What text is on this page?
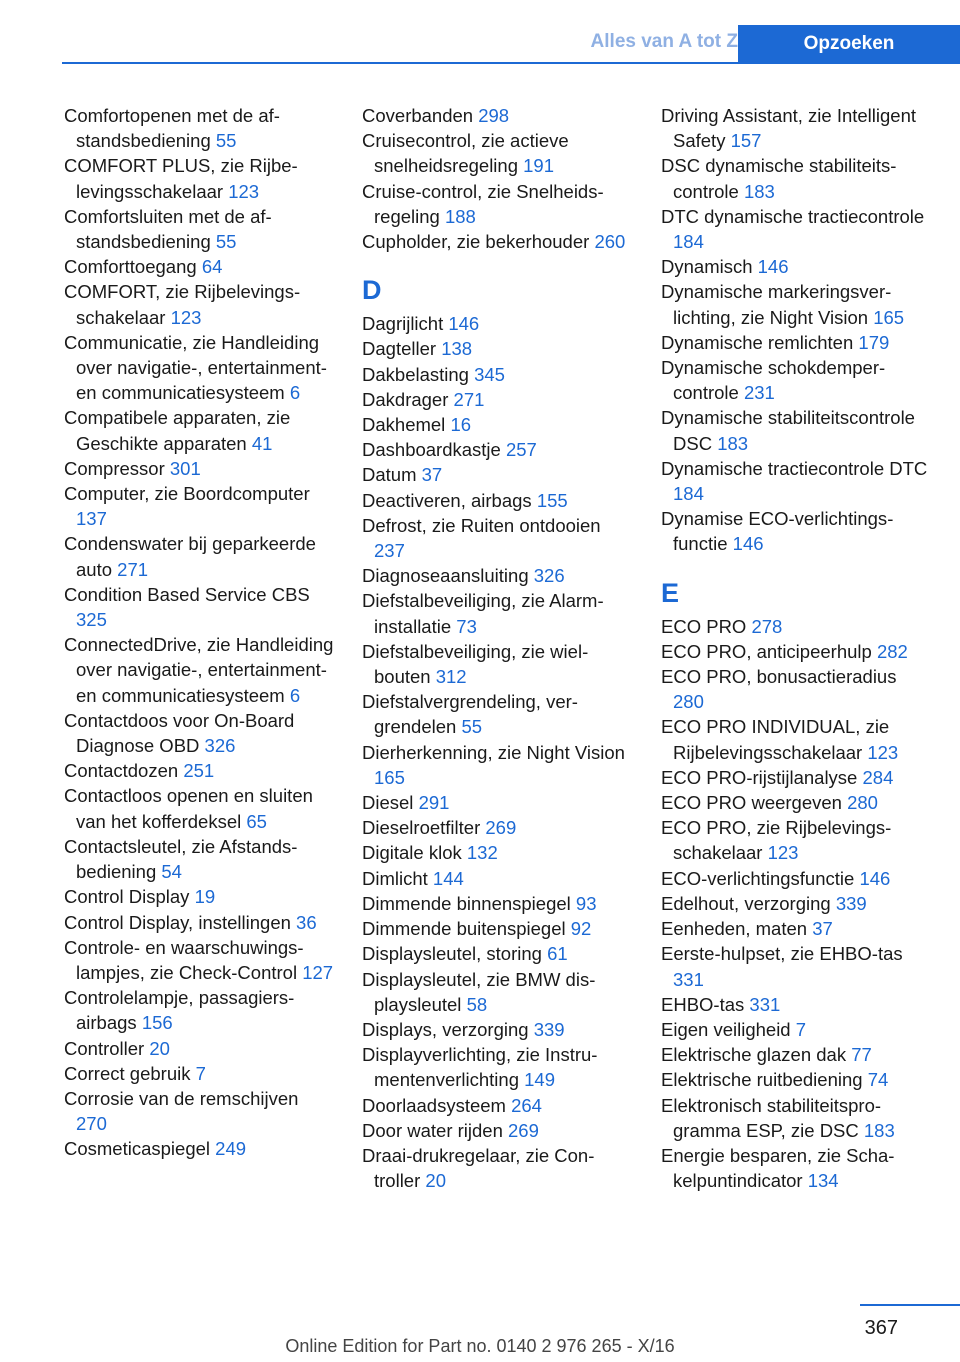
Alles van A tot Z	Opzoeken
Comfortopenen met de afstandsbediening 55
COMFORT PLUS, zie Rijbelevingsschakelaar 123
Comfortsluiten met de afstandsbediening 55
Comforttoegang 64
COMFORT, zie Rijbelevingsschakelaar 123
Communicatie, zie Handleiding over navigatie-, entertainment- en communicatiesysteem 6
Compatibele apparaten, zie Geschikte apparaten 41
Compressor 301
Computer, zie Boordcomputer 137
Condenswater bij geparkeerde auto 271
Condition Based Service CBS 325
ConnectedDrive, zie Handleiding over navigatie-, entertainment- en communicatiesysteem 6
Contactdoos voor On-Board Diagnose OBD 326
Contactdozen 251
Contactloos openen en sluiten van het kofferdeksel 65
Contactsleutel, zie Afstandsbediening 54
Control Display 19
Control Display, instellingen 36
Controle- en waarschuwingslampjes, zie Check-Control 127
Controlelampje, passagiersairbags 156
Controller 20
Correct gebruik 7
Corrosie van de remschijven 270
Cosmeticaspiegel 249
Coverbanden 298
Cruisecontrol, zie actieve snelheidsregeling 191
Cruise-control, zie Snelheidsregeling 188
Cupholder, zie bekerhouder 260
D
Dagrijlicht 146
Dagteller 138
Dakbelasting 345
Dakdrager 271
Dakhemel 16
Dashboardkastje 257
Datum 37
Deactiveren, airbags 155
Defrost, zie Ruiten ontdooien 237
Diagnoseaansluiting 326
Diefstalbeveiliging, zie Alarminstallatie 73
Diefstalbeveiliging, zie wielbouten 312
Diefstalvergrendeling, vergrendelen 55
Dierherkenning, zie Night Vision 165
Diesel 291
Dieselroetfilter 269
Digitale klok 132
Dimlicht 144
Dimmende binnenspiegel 93
Dimmende buitenspiegel 92
Displaysleutel, storing 61
Displaysleutel, zie BMW displaysleutel 58
Displays, verzorging 339
Displayverlichting, zie Instrumentenverlichting 149
Doorlaadsysteem 264
Door water rijden 269
Draai-drukregelaar, zie Controller 20
Driving Assistant, zie Intelligent Safety 157
DSC dynamische stabiliteitscontrole 183
DTC dynamische tractiecontrole 184
Dynamisch 146
Dynamische markeringsverlichting, zie Night Vision 165
Dynamische remlichten 179
Dynamische schokdempercontrole 231
Dynamische stabiliteitscontrole DSC 183
Dynamische tractiecontrole DTC 184
Dynamise ECO-verlichtingsfunctie 146
E
ECO PRO 278
ECO PRO, anticipeerhulp 282
ECO PRO, bonusactieradius 280
ECO PRO INDIVIDUAL, zie Rijbelevingsschakelaar 123
ECO PRO-rijstijlanalyse 284
ECO PRO weergeven 280
ECO PRO, zie Rijbelevingsschakelaar 123
ECO-verlichtingsfunctie 146
Edelhout, verzorging 339
Eenheden, maten 37
Eerste-hulpset, zie EHBO-tas 331
EHBO-tas 331
Eigen veiligheid 7
Elektrische glazen dak 77
Elektrische ruitbediening 74
Elektronisch stabiliteitsprogramma ESP, zie DSC 183
Energie besparen, zie Schakelpuntindicator 134
367
Online Edition for Part no. 0140 2 976 265 - X/16
